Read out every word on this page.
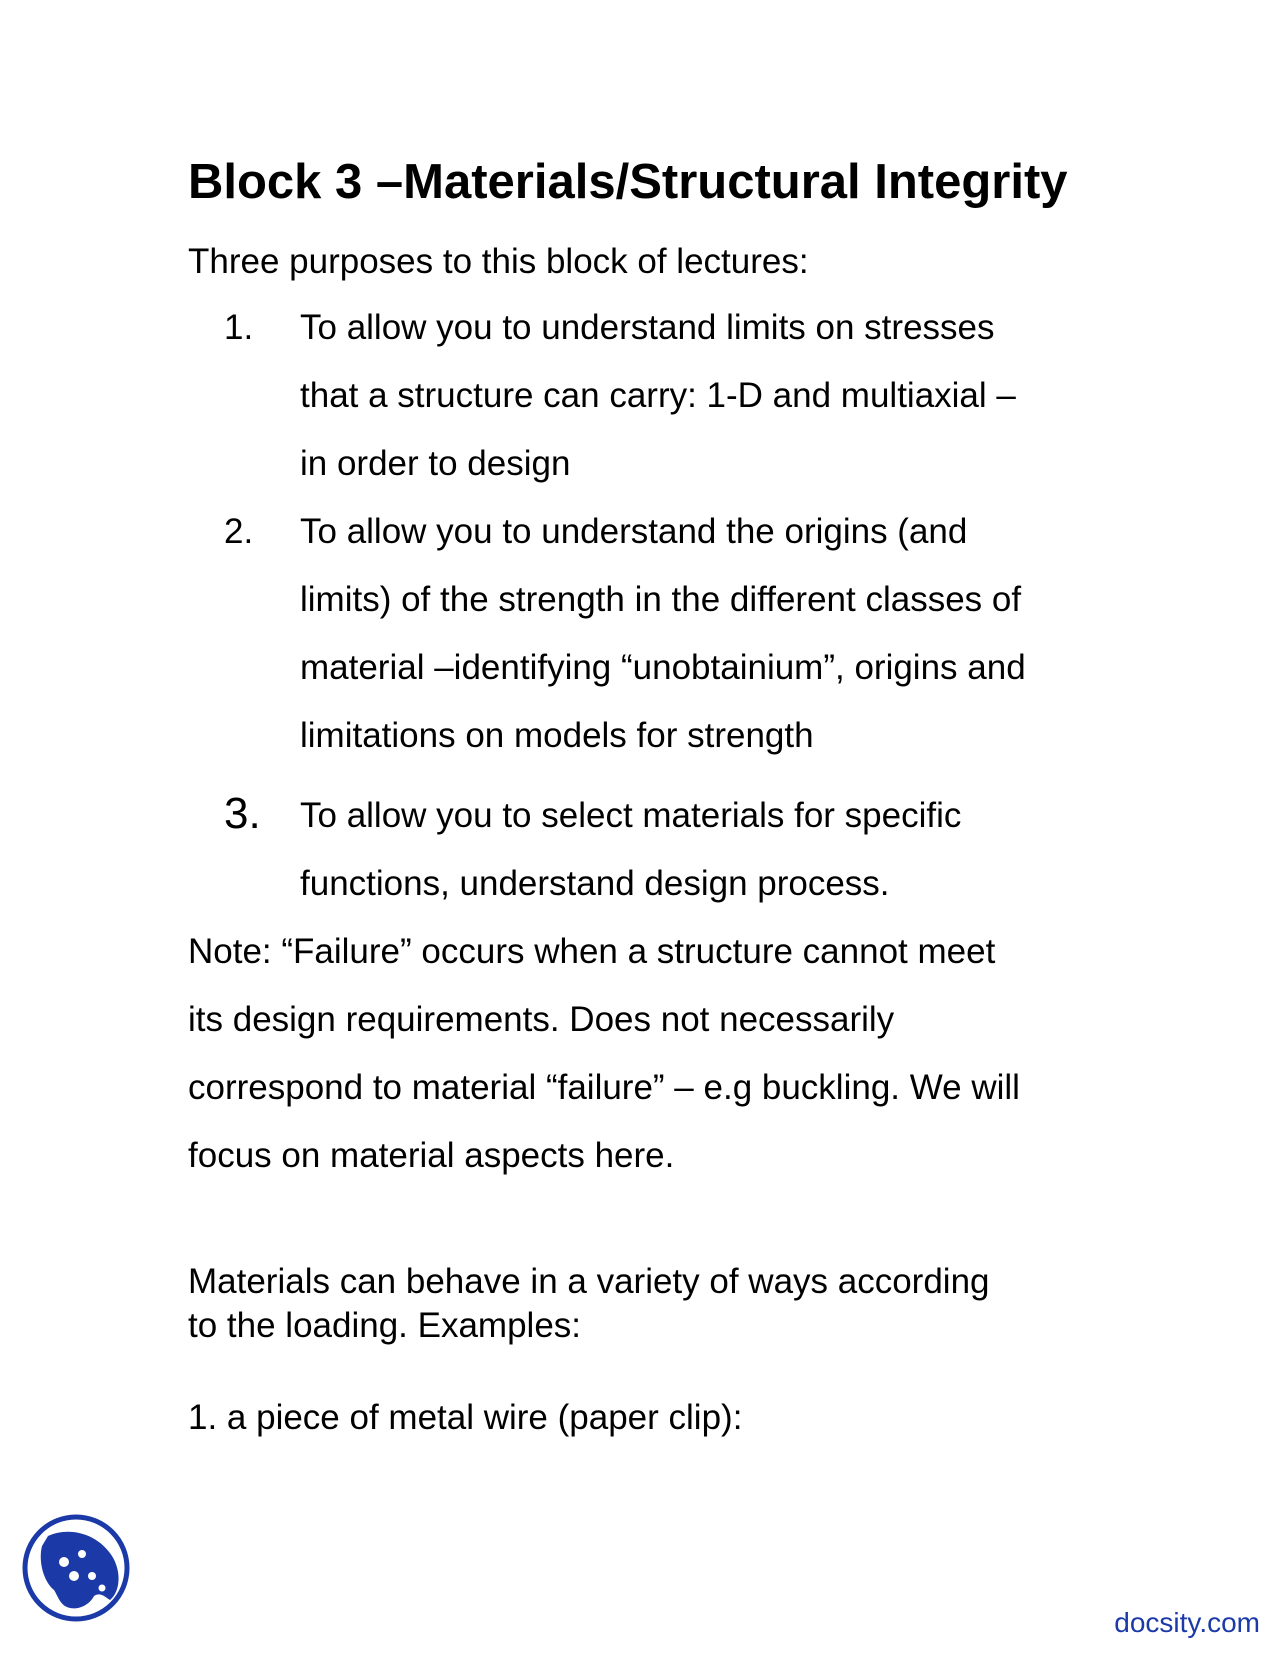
Block 3 –Materials/Structural Integrity

Three purposes to this block of lectures:

1. To allow you to understand limits on stresses
that a structure can carry: 1-D and multiaxial –
in order to design
2. To allow you to understand the origins (and
limits) of the strength in the different classes of
material –identifying “unobtainium”, origins and
limitations on models for strength
3. To allow you to select materials for specific
functions, understand design process.

Note: “Failure” occurs when a structure cannot meet

its design requirements. Does not necessarily

correspond to material “failure” – e.g buckling. We will

focus on material aspects here.

Materials can behave in a variety of ways according

to the loading. Examples:

1. a piece of metal wire (paper clip):

docsity.com
